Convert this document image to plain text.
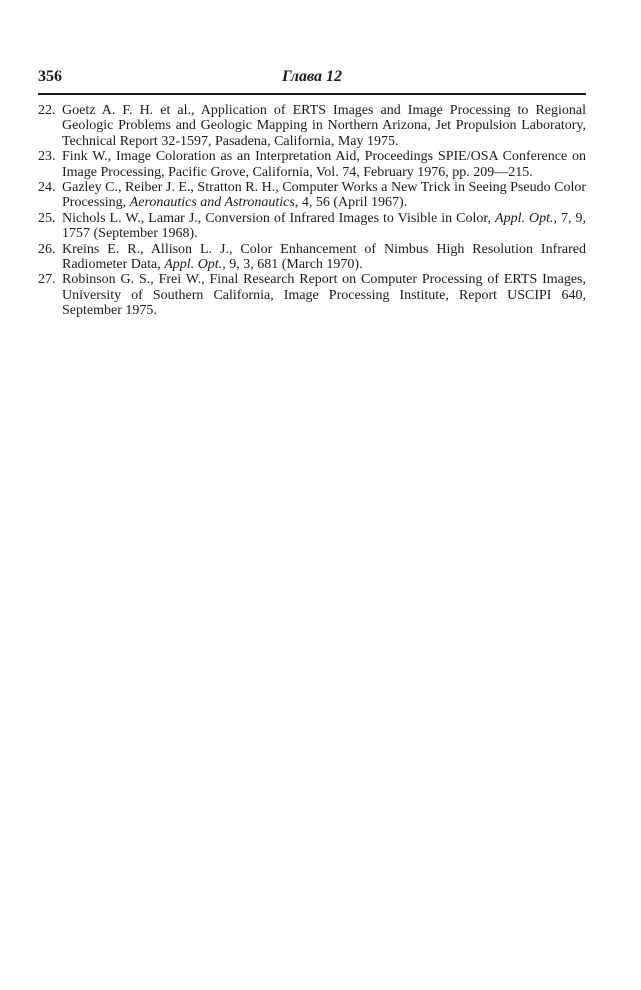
356	Глава 12
22. Goetz A. F. H. et al., Application of ERTS Images and Image Processing to Regional Geologic Problems and Geologic Mapping in Northern Arizona, Jet Propulsion Laboratory, Technical Report 32-1597, Pasadena, California, May 1975.
23. Fink W., Image Coloration as an Interpretation Aid, Proceedings SPIE/OSA Conference on Image Processing, Pacific Grove, California, Vol. 74, February 1976, pp. 209—215.
24. Gazley C., Reiber J. E., Stratton R. H., Computer Works a New Trick in Seeing Pseudo Color Processing, Aeronautics and Astronautics, 4, 56 (April 1967).
25. Nichols L. W., Lamar J., Conversion of Infrared Images to Visible in Color, Appl. Opt., 7, 9, 1757 (September 1968).
26. Kreins E. R., Allison L. J., Color Enhancement of Nimbus High Resolution Infrared Radiometer Data, Appl. Opt., 9, 3, 681 (March 1970).
27. Robinson G. S., Frei W., Final Research Report on Computer Processing of ERTS Images, University of Southern California, Image Processing Institute, Report USCIPI 640, September 1975.
